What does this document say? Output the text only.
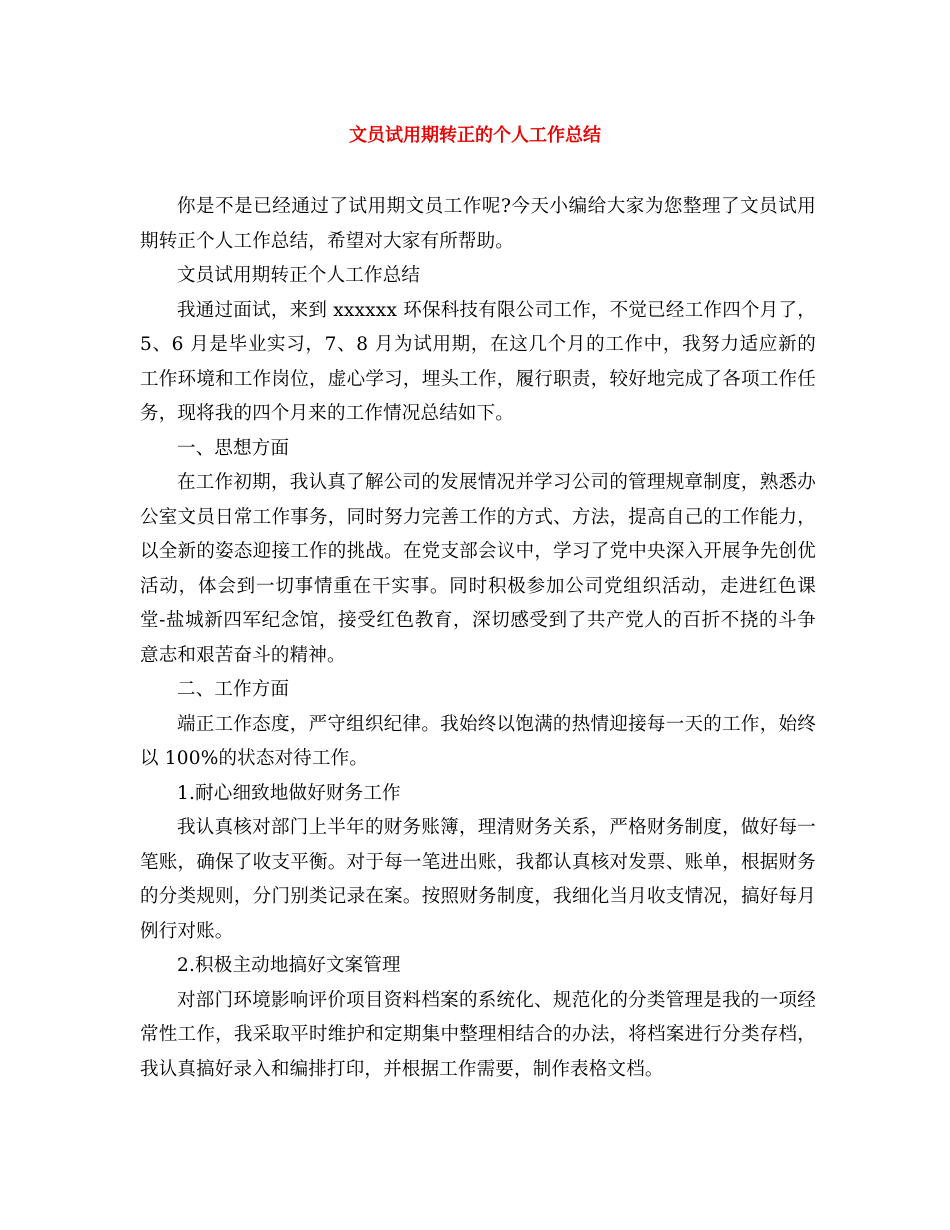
文员试用期转正的个人工作总结

你是不是已经通过了试用期文员工作呢?今天小编给大家为您整理了文员试用期转正个人工作总结，希望对大家有所帮助。

文员试用期转正个人工作总结

我通过面试，来到 xxxxxx 环保科技有限公司工作，不觉已经工作四个月了，5、6 月是毕业实习，7、8 月为试用期，在这几个月的工作中，我努力适应新的工作环境和工作岗位，虚心学习，埋头工作，履行职责，较好地完成了各项工作任务，现将我的四个月来的工作情况总结如下。

一、思想方面

在工作初期，我认真了解公司的发展情况并学习公司的管理规章制度，熟悉办公室文员日常工作事务，同时努力完善工作的方式、方法，提高自己的工作能力，以全新的姿态迎接工作的挑战。在党支部会议中，学习了党中央深入开展争先创优活动，体会到一切事情重在干实事。同时积极参加公司党组织活动，走进红色课堂-盐城新四军纪念馆，接受红色教育，深切感受到了共产党人的百折不挠的斗争意志和艰苦奋斗的精神。

二、工作方面

端正工作态度，严守组织纪律。我始终以饱满的热情迎接每一天的工作，始终以 100%的状态对待工作。

1.耐心细致地做好财务工作

我认真核对部门上半年的财务账簿，理清财务关系，严格财务制度，做好每一笔账，确保了收支平衡。对于每一笔进出账，我都认真核对发票、账单，根据财务的分类规则，分门别类记录在案。按照财务制度，我细化当月收支情况，搞好每月例行对账。

2.积极主动地搞好文案管理

对部门环境影响评价项目资料档案的系统化、规范化的分类管理是我的一项经常性工作，我采取平时维护和定期集中整理相结合的办法，将档案进行分类存档，我认真搞好录入和编排打印，并根据工作需要，制作表格文档。
